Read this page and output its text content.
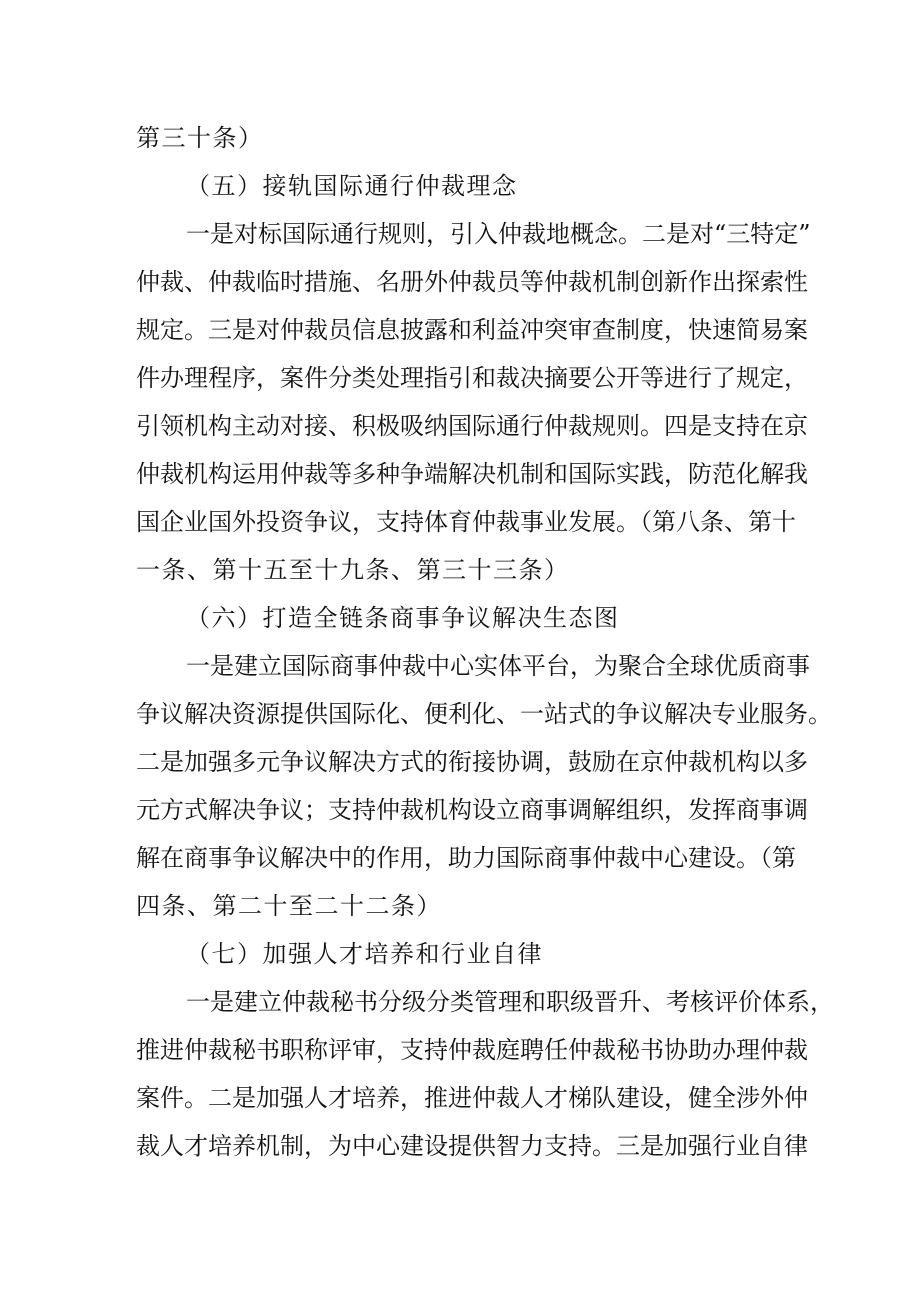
第三十条）
（五）接轨国际通行仲裁理念
一是对标国际通行规则，引入仲裁地概念。二是对“三特定”
仲裁、仲裁临时措施、名册外仲裁员等仲裁机制创新作出探索性
规定。三是对仲裁员信息披露和利益冲突审查制度，快速简易案
件办理程序，案件分类处理指引和裁决摘要公开等进行了规定，
引领机构主动对接、积极吸纳国际通行仲裁规则。四是支持在京
仲裁机构运用仲裁等多种争端解决机制和国际实践，防范化解我
国企业国外投资争议，支持体育仲裁事业发展。（第八条、第十
一条、第十五至十九条、第三十三条）
（六）打造全链条商事争议解决生态图
一是建立国际商事仲裁中心实体平台，为聚合全球优质商事
争议解决资源提供国际化、便利化、一站式的争议解决专业服务。
二是加强多元争议解决方式的衔接协调，鼓励在京仲裁机构以多
元方式解决争议；支持仲裁机构设立商事调解组织，发挥商事调
解在商事争议解决中的作用，助力国际商事仲裁中心建设。（第
四条、第二十至二十二条）
（七）加强人才培养和行业自律
一是建立仲裁秘书分级分类管理和职级晋升、考核评价体系，
推进仲裁秘书职称评审，支持仲裁庭聘任仲裁秘书协助办理仲裁
案件。二是加强人才培养，推进仲裁人才梯队建设，健全涉外仲
裁人才培养机制，为中心建设提供智力支持。三是加强行业自律
